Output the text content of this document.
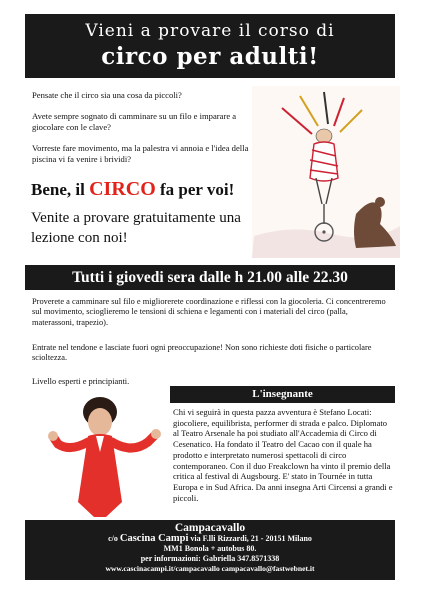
Vieni a provare il corso di
circo per adulti!
Pensate che il circo sia una cosa da piccoli?
Avete sempre sognato di camminare su un filo e imparare a giocolare con le clave?
Vorreste fare movimento, ma la palestra vi annoia e l'idea della piscina vi fa venire i brividi?
Bene, il CIRCO fa per voi!
Venite a provare gratuitamente una lezione con noi!
Tutti i giovedi sera dalle h 21.00 alle 22.30
Proverete a camminare sul filo e migliorerete coordinazione e riflessi con la giocoleria. Ci concentreremo sul movimento, scioglieremo le tensioni di schiena e legamenti con i materiali del circo (palla, materassoni, trapezio).
Entrate nel tendone e lasciate fuori ogni preoccupazione! Non sono richieste doti fisiche o particolare scioltezza.
Livello esperti e principianti.
L'insegnante
Chi vi seguirà in questa pazza avventura è Stefano Locati: giocoliere, equilibrista, performer di strada e palco. Diplomato al Teatro Arsenale ha poi studiato all'Accademia di Circo di Cesenatico. Ha fondato il Teatro del Cacao con il quale ha prodotto e interpretato numerosi spettacoli di circo contemporaneo. Con il duo Freakclown ha vinto il premio della critica al festival di Augsbourg. E' stato in Tournée in tutta Europa e in Sud Africa. Da anni insegna Arti Circensi a grandi e piccoli.
Campacavallo
c/o Cascina Campi via F.lli Rizzardi, 21 - 20151 Milano
MM1 Bonola + autobus 80.
per informazioni: Gabriella 347.8571338
www.cascinacampi.it/campacavallo campacavallo@fastwebnet.it
